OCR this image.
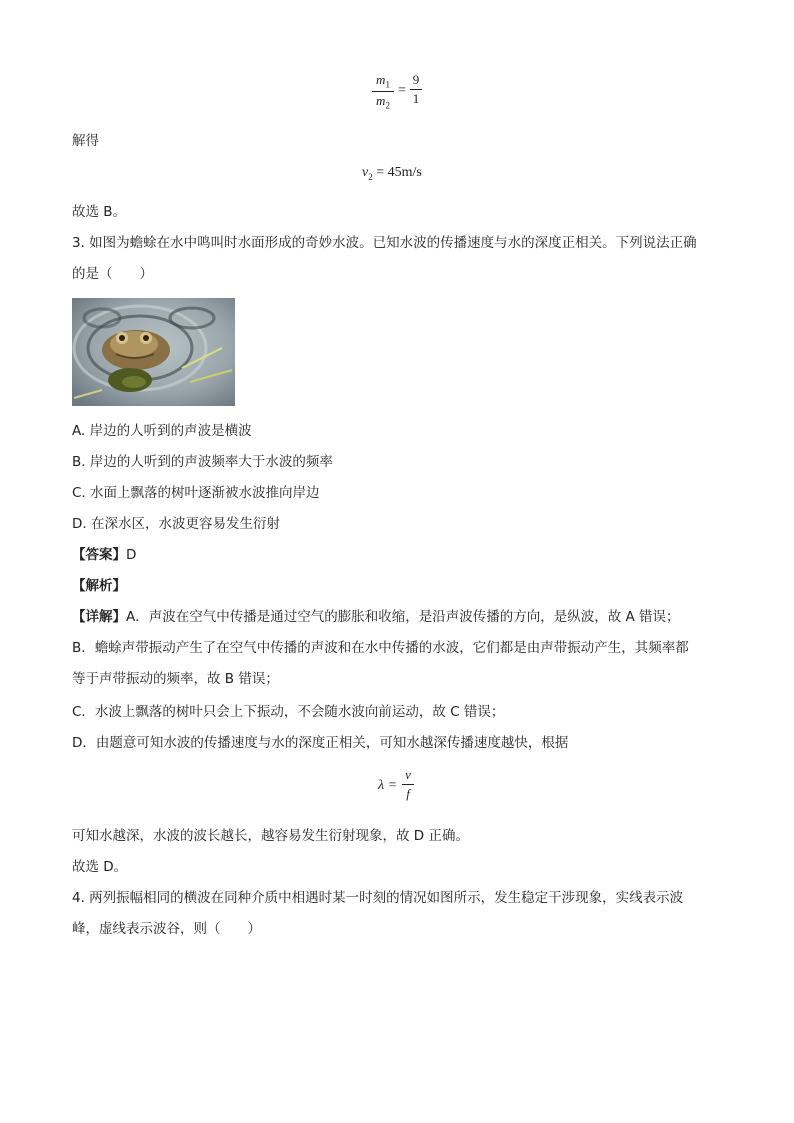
$m_1$
$m_2$
=
9
1
解得
$v_2 = 45m/s$
故选 B。
3. 如图为蟾蜍在水中鸣叫时水面形成的奇妙水波。已知水波的传播速度与水的深度正相关。下列说法正确
的是（　　）
A. 岸边的人听到的声波是横波
B. 岸边的人听到的声波频率大于水波的频率
C. 水面上飘落的树叶逐渐被水波推向岸边
D. 在深水区，水波更容易发生衍射
【答案】D
【解析】
【详解】A．声波在空气中传播是通过空气的膨胀和收缩，是沿声波传播的方向，是纵波，故 A 错误；
B．蟾蜍声带振动产生了在空气中传播的声波和在水中传播的水波，它们都是由声带振动产生，其频率都
等于声带振动的频率，故 B 错误；
C．水波上飘落的树叶只会上下振动，不会随水波向前运动，故 C 错误；
D．由题意可知水波的传播速度与水的深度正相关，可知水越深传播速度越快，根据
λ =
v
f
可知水越深，水波的波长越长，越容易发生衍射现象，故 D 正确。
故选 D。
4. 两列振幅相同的横波在同种介质中相遇时某一时刻的情况如图所示，发生稳定干涉现象，实线表示波
峰，虚线表示波谷，则（　　）
